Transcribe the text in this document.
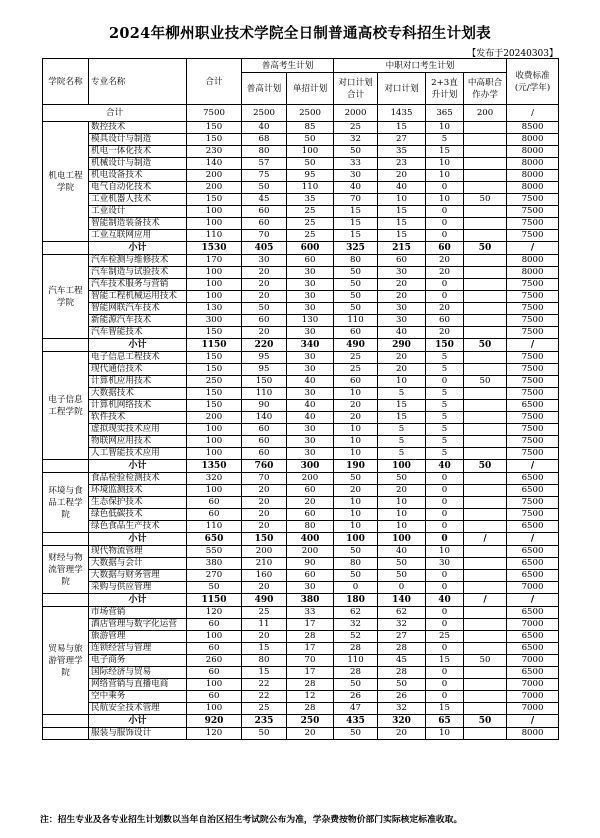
2024年柳州职业技术学院全日制普通高校专科招生计划表
【发布于20240303】
学院名称	专业名称	合计	普高考生计划		中职对口考生计划				收费标准(元/学年)
			普高计划	单招计划	对口计划合计	对口计划	2+3直升计划	中高职合作办学	
合计		7500	2500	2500	2000	1435	365	200	/
机电工程学院	数控技术	150	40	85	25	15	10		8500
	模具设计与制造	150	68	50	32	27	5		8000
	机电一体化技术	230	80	100	50	35	15		8000
	机械设计与制造	140	57	50	33	23	10		8000
	机电设备技术	200	75	95	30	20	10		8000
	电气自动化技术	200	50	110	40	40	0		8000
	工业机器人技术	150	45	35	70	10	10	50	7500
	工业设计	100	60	25	15	15	0		7500
	智能制造装备技术	100	60	25	15	15	0		7500
	工业互联网应用	110	70	25	15	15	0		7500
	小计	1530	405	600	325	215	60	50	/
汽车工程学院	汽车检测与维修技术	170	30	60	80	60	20		8000
	汽车制造与试验技术	100	20	30	50	30	20		8000
	汽车技术服务与营销	100	20	30	50	20	0		7500
	智能工程机械运用技术	100	20	30	50	20	0		7500
	智能网联汽车技术	130	50	30	50	30	20		7500
	新能源汽车技术	300	60	130	110	30	60		7500
	汽车智能技术	150	20	30	60	40	20		7500
	小计	1150	220	340	490	290	150	50	/
电子信息工程学院	电子信息工程技术	150	95	30	25	20	5		7500
	现代通信技术	150	95	30	25	20	5		7500
	计算机应用技术	250	150	40	60	10	0	50	7500
	大数据技术	150	110	30	10	5	5		7500
	计算机网络技术	150	90	40	20	15	5		6500
	软件技术	200	140	40	20	15	5		7500
	虚拟现实技术应用	100	60	30	10	5	5		7500
	物联网应用技术	100	60	30	10	5	5		7500
	人工智能技术应用	100	60	30	10	5	5		7500
	小计	1350	760	300	190	100	40	50	/
环境与食品工程学院	食品检验检测技术	320	70	200	50	50	0		6500
	环境监测技术	100	20	60	20	20	0		6500
	生态保护技术	60	20	20	10	10	0		7500
	绿色低碳技术	60	20	60	10	10	0		7500
	绿色食品生产技术	110	20	80	10	10	0		6500
	小计	650	150	400	100	100	0	/	/
财经与物流管理学院	现代物流管理	550	200	200	50	40	10		6500
	大数据与会计	380	210	90	80	50	30		6500
	大数据与财务管理	270	160	60	50	50	0		6500
	采购与供应管理	50	20	30	0	0	0		7000
	小计	1150	490	380	180	140	40	/	/
贸易与旅游管理学院	市场营销	120	25	33	62	62	0		6500
	酒店管理与数字化运营	60	11	17	32	32	0		7000
	旅游管理	100	20	28	52	27	25		6500
	连锁经营与管理	60	15	17	28	28	0		6500
	电子商务	260	80	70	110	45	15	50	7000
	国际经济与贸易	60	15	17	28	28	0		6500
	网络营销与直播电商	100	22	28	50	50	0		7000
	空中乘务	60	22	12	26	26	0		7000
	民航安全技术管理	100	25	28	47	32	15		7000
	小计	920	235	250	435	320	65	50	/
	服装与服饰设计	120	50	20	50	20	10		8000
注：招生专业及各专业招生计划数以当年自治区招生考试院公布为准，学杂费按物价部门实际核定标准收取。
